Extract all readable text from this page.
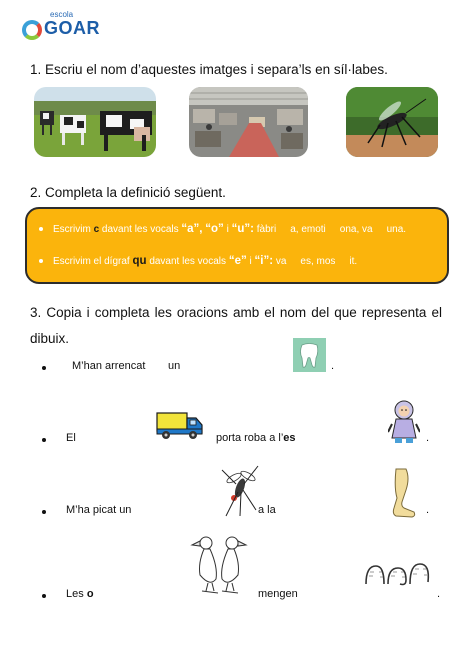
escola
GOAR
1. Escriu el nom d’aquestes imatges i separa’ls en síl·labes.
2. Completa la definició següent.
Escrivim c davant les vocals “a”, “o” i “u”: fàbri a, emoti ona, va una.
Escrivim el dígraf qu davant les vocals “e” i “i”: va es, mos it.
3. Copia i completa les oracions amb el nom del que representa el dibuix.
M’han arrencat un	.
El	porta roba a l’es	.
M’ha picat un	a la	.
Les o	mengen	.
